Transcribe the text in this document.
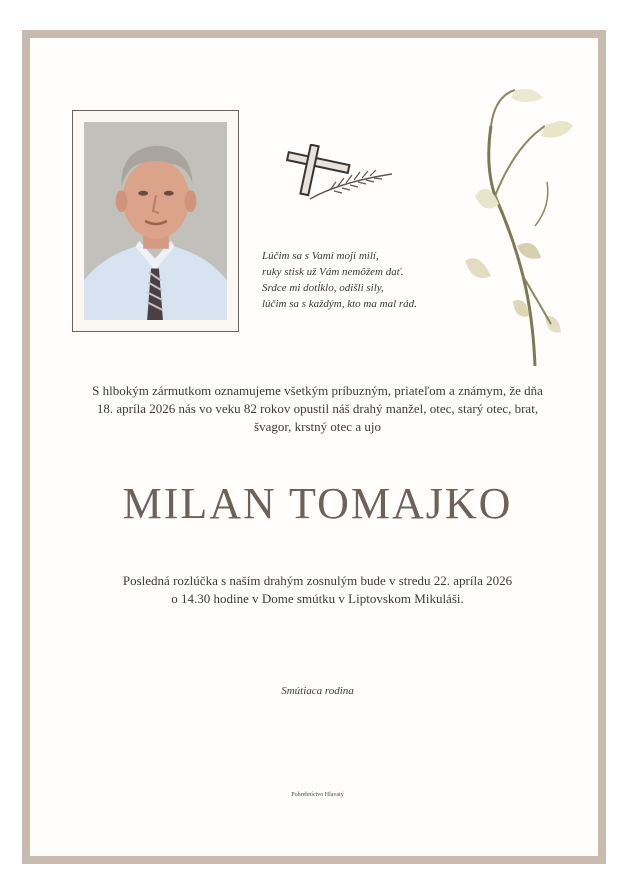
Lúčim sa s Vami moji milí,
ruky stisk už Vám nemôžem dať.
Srdce mi dotĺklo, odišli sily,
lúčim sa s každým, kto ma mal rád.
S hlbokým zármutkom oznamujeme všetkým príbuzným, priateľom a známym, že dňa
18. apríla 2026 nás vo veku 82 rokov opustil náš drahý manžel, otec, starý otec, brat,
švagor, krstný otec a ujo
MILAN TOMAJKO
Posledná rozlúčka s naším drahým zosnulým bude v stredu 22. apríla 2026
o 14.30 hodine v Dome smútku v Liptovskom Mikuláši.
Smútiaca rodina
Pohrebníctvo Hlavatý
